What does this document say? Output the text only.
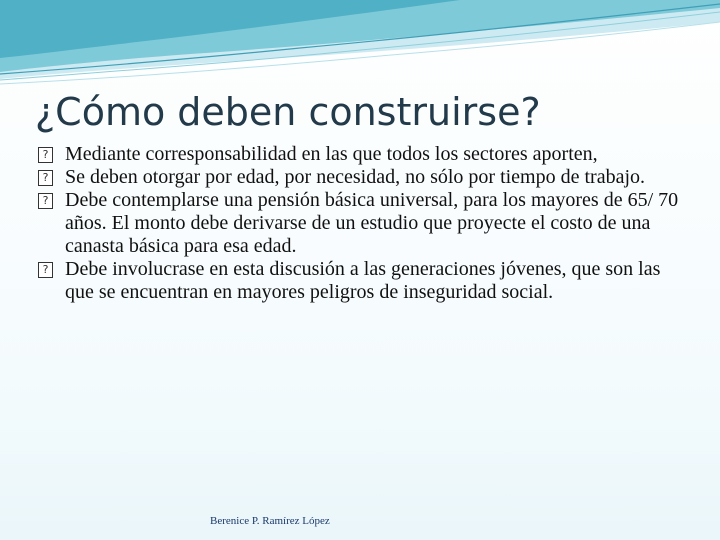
¿Cómo deben construirse?
? Mediante corresponsabilidad en las que todos los sectores aporten,
? Se deben otorgar por edad, por necesidad, no sólo por tiempo de trabajo.
? Debe contemplarse una pensión básica universal, para los mayores de 65/ 70 años. El monto debe derivarse de un estudio que proyecte el costo de una canasta básica para esa edad.
? Debe involucrase en esta discusión a las generaciones jóvenes, que son las que se encuentran en mayores peligros de inseguridad social.
Berenice P. Ramírez López
